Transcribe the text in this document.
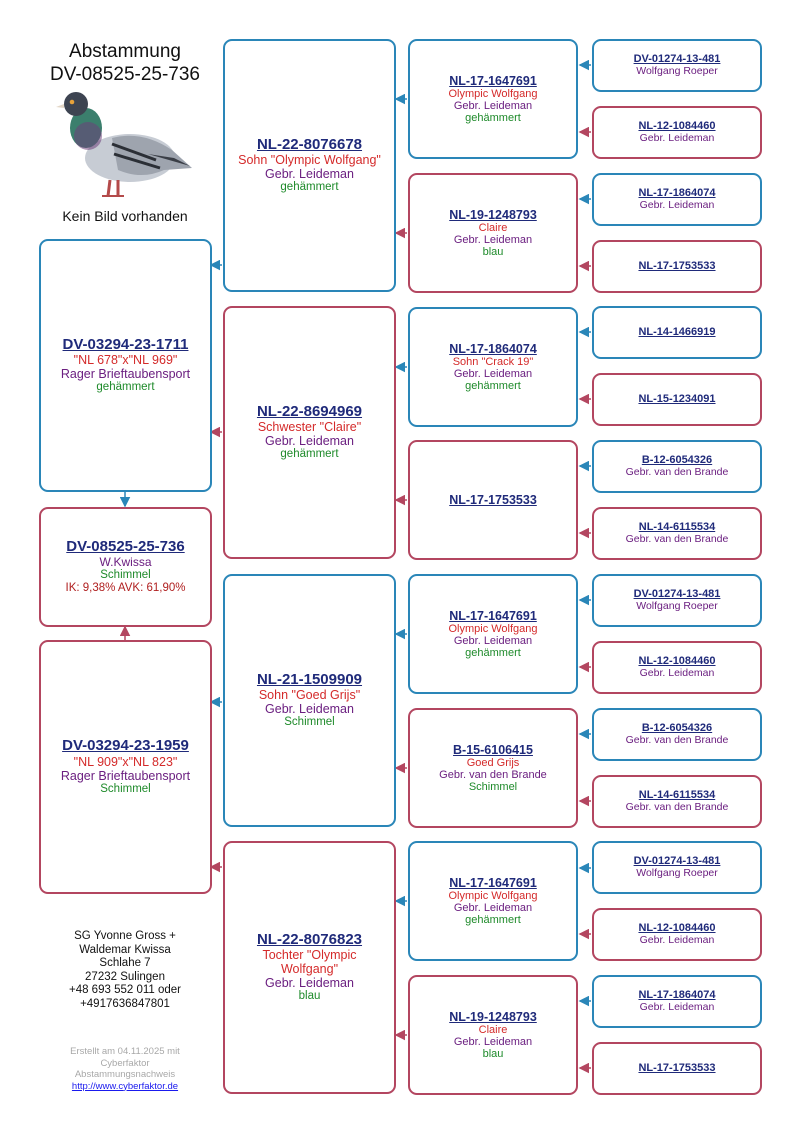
Abstammung
DV-08525-25-736
Kein Bild vorhanden
DV-08525-25-736
W.Kwissa
Schimmel
IK: 9,38% AVK: 61,90%
DV-03294-23-1711
"NL 678"x"NL 969"
Rager Brieftaubensport
gehämmert
DV-03294-23-1959
"NL 909"x"NL 823"
Rager Brieftaubensport
Schimmel
NL-22-8076678
Sohn "Olympic Wolfgang"
Gebr. Leideman
gehämmert
NL-22-8694969
Schwester "Claire"
Gebr. Leideman
gehämmert
NL-21-1509909
Sohn "Goed Grijs"
Gebr. Leideman
Schimmel
NL-22-8076823
Tochter "Olympic
Wolfgang"
Gebr. Leideman
blau
NL-17-1647691
Olympic Wolfgang
Gebr. Leideman
gehämmert
NL-19-1248793
Claire
Gebr. Leideman
blau
NL-17-1864074
Sohn "Crack 19"
Gebr. Leideman
gehämmert
NL-17-1753533
NL-17-1647691
Olympic Wolfgang
Gebr. Leideman
gehämmert
B-15-6106415
Goed Grijs
Gebr. van den Brande
Schimmel
NL-17-1647691
Olympic Wolfgang
Gebr. Leideman
gehämmert
NL-19-1248793
Claire
Gebr. Leideman
blau
DV-01274-13-481
Wolfgang Roeper
NL-12-1084460
Gebr. Leideman
NL-17-1864074
Gebr. Leideman
NL-17-1753533
NL-14-1466919
NL-15-1234091
B-12-6054326
Gebr. van den Brande
NL-14-6115534
Gebr. van den Brande
DV-01274-13-481
Wolfgang Roeper
NL-12-1084460
Gebr. Leideman
B-12-6054326
Gebr. van den Brande
NL-14-6115534
Gebr. van den Brande
DV-01274-13-481
Wolfgang Roeper
NL-12-1084460
Gebr. Leideman
NL-17-1864074
Gebr. Leideman
NL-17-1753533
SG Yvonne Gross +
Waldemar Kwissa
Schlahe 7
27232 Sulingen
+48 693 552 011 oder
+4917636847801
Erstellt am 04.11.2025 mit
Cyberfaktor
Abstammungsnachweis
http://www.cyberfaktor.de
